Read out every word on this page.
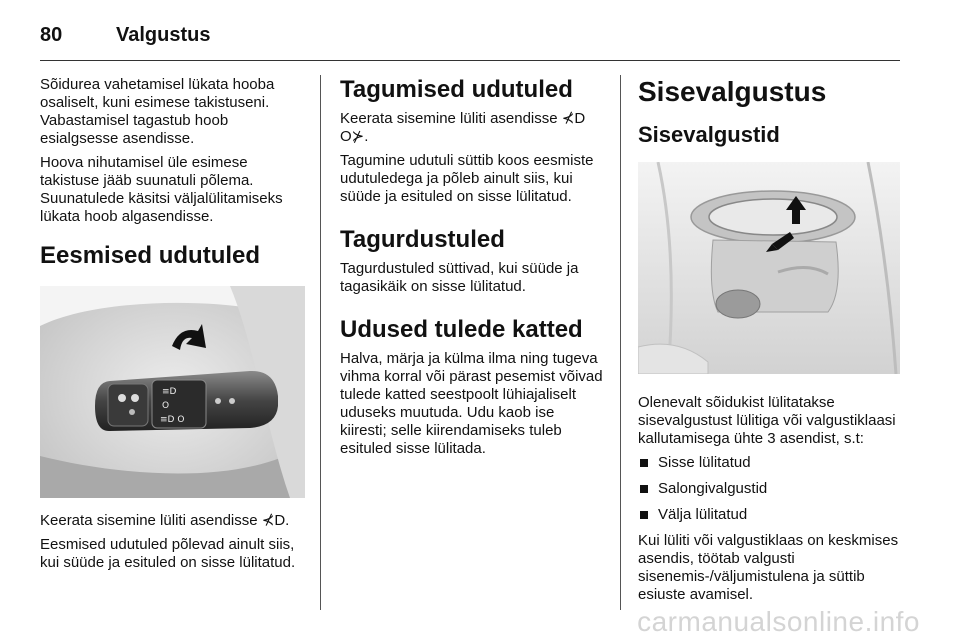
80	Valgustus

Sõidurea vahetamisel lükata hooba osaliselt, kuni esimese takistuseni. Vabastamisel tagastub hoob esialgsesse asendisse.

Hoova nihutamisel üle esimese takistuse jääb suunatuli põlema. Suunatulede käsitsi väljalülitamiseks lükata hoob algasendisse.

Eesmised udutuled
≡D
O
≡D O

Keerata sisemine lüliti asendisse ⊀D.

Eesmised udutuled põlevad ainult siis, kui süüde ja esituled on sisse lülitatud.

Tagumised udutuled

Keerata sisemine lüliti asendisse ⊀D O⊁.

Tagumine udutuli süttib koos eesmiste udutuledega ja põleb ainult siis, kui süüde ja esituled on sisse lülitatud.

Tagurdustuled

Tagurdustuled süttivad, kui süüde ja tagasikäik on sisse lülitatud.

Udused tulede katted

Halva, märja ja külma ilma ning tugeva vihma korral või pärast pesemist võivad tulede katted seestpoolt lühiajaliselt uduseks muutuda. Udu kaob ise kiiresti; selle kiirendamiseks tuleb esituled sisse lülitada.

Sisevalgustus
Sisevalgustid

Olenevalt sõidukist lülitatakse sisevalgustust lülitiga või valgustiklaasi kallutamisega ühte 3 asendist, s.t:

Sisse lülitatud
Salongivalgustid
Välja lülitatud

Kui lüliti või valgustiklaas on keskmises asendis, töötab valgusti sisenemis-/väljumistulena ja süttib esiuste avamisel.

carmanualsonline.info
